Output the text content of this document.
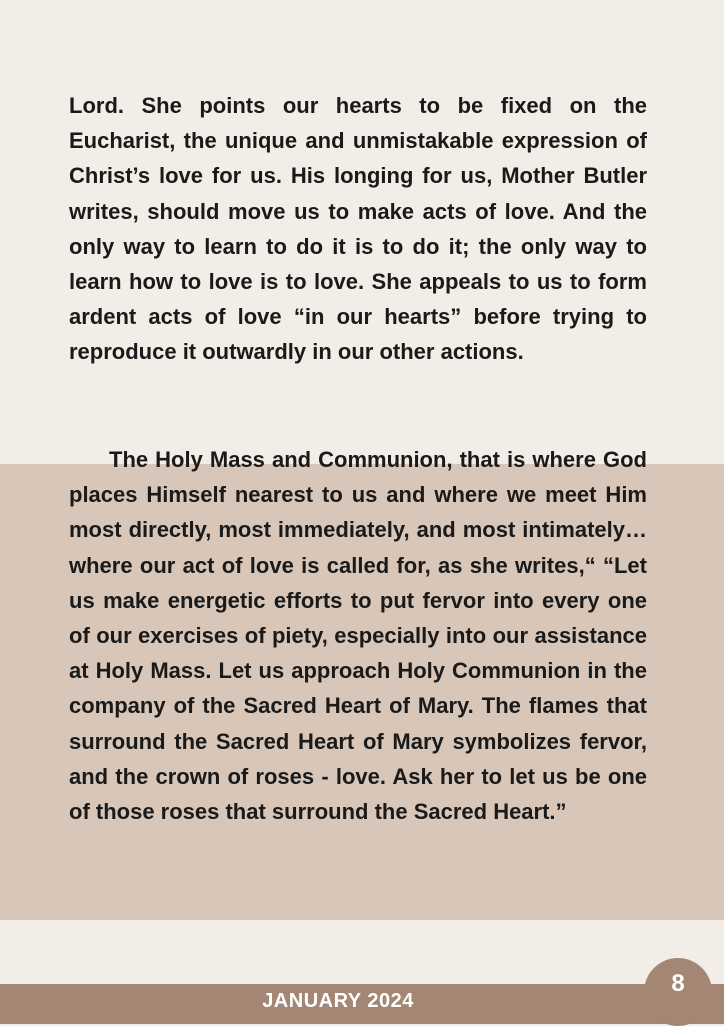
Lord. She points our hearts to be fixed on the Eucharist, the unique and unmistakable expression of Christ’s love for us. His longing for us, Mother Butler writes, should move us to make acts of love. And the only way to learn to do it is to do it; the only way to learn how to love is to love. She appeals to us to form ardent acts of love “in our hearts” before trying to reproduce it outwardly in our other actions.
The Holy Mass and Communion, that is where God places Himself nearest to us and where we meet Him most directly, most immediately, and most intimately… where our act of love is called for, as she writes,“ “Let us make energetic efforts to put fervor into every one of our exercises of piety, especially into our assistance at Holy Mass. Let us approach Holy Communion in the company of the Sacred Heart of Mary. The flames that surround the Sacred Heart of Mary symbolizes fervor, and the crown of roses - love. Ask her to let us be one of those roses that surround the Sacred Heart.”
JANUARY 2024
8
